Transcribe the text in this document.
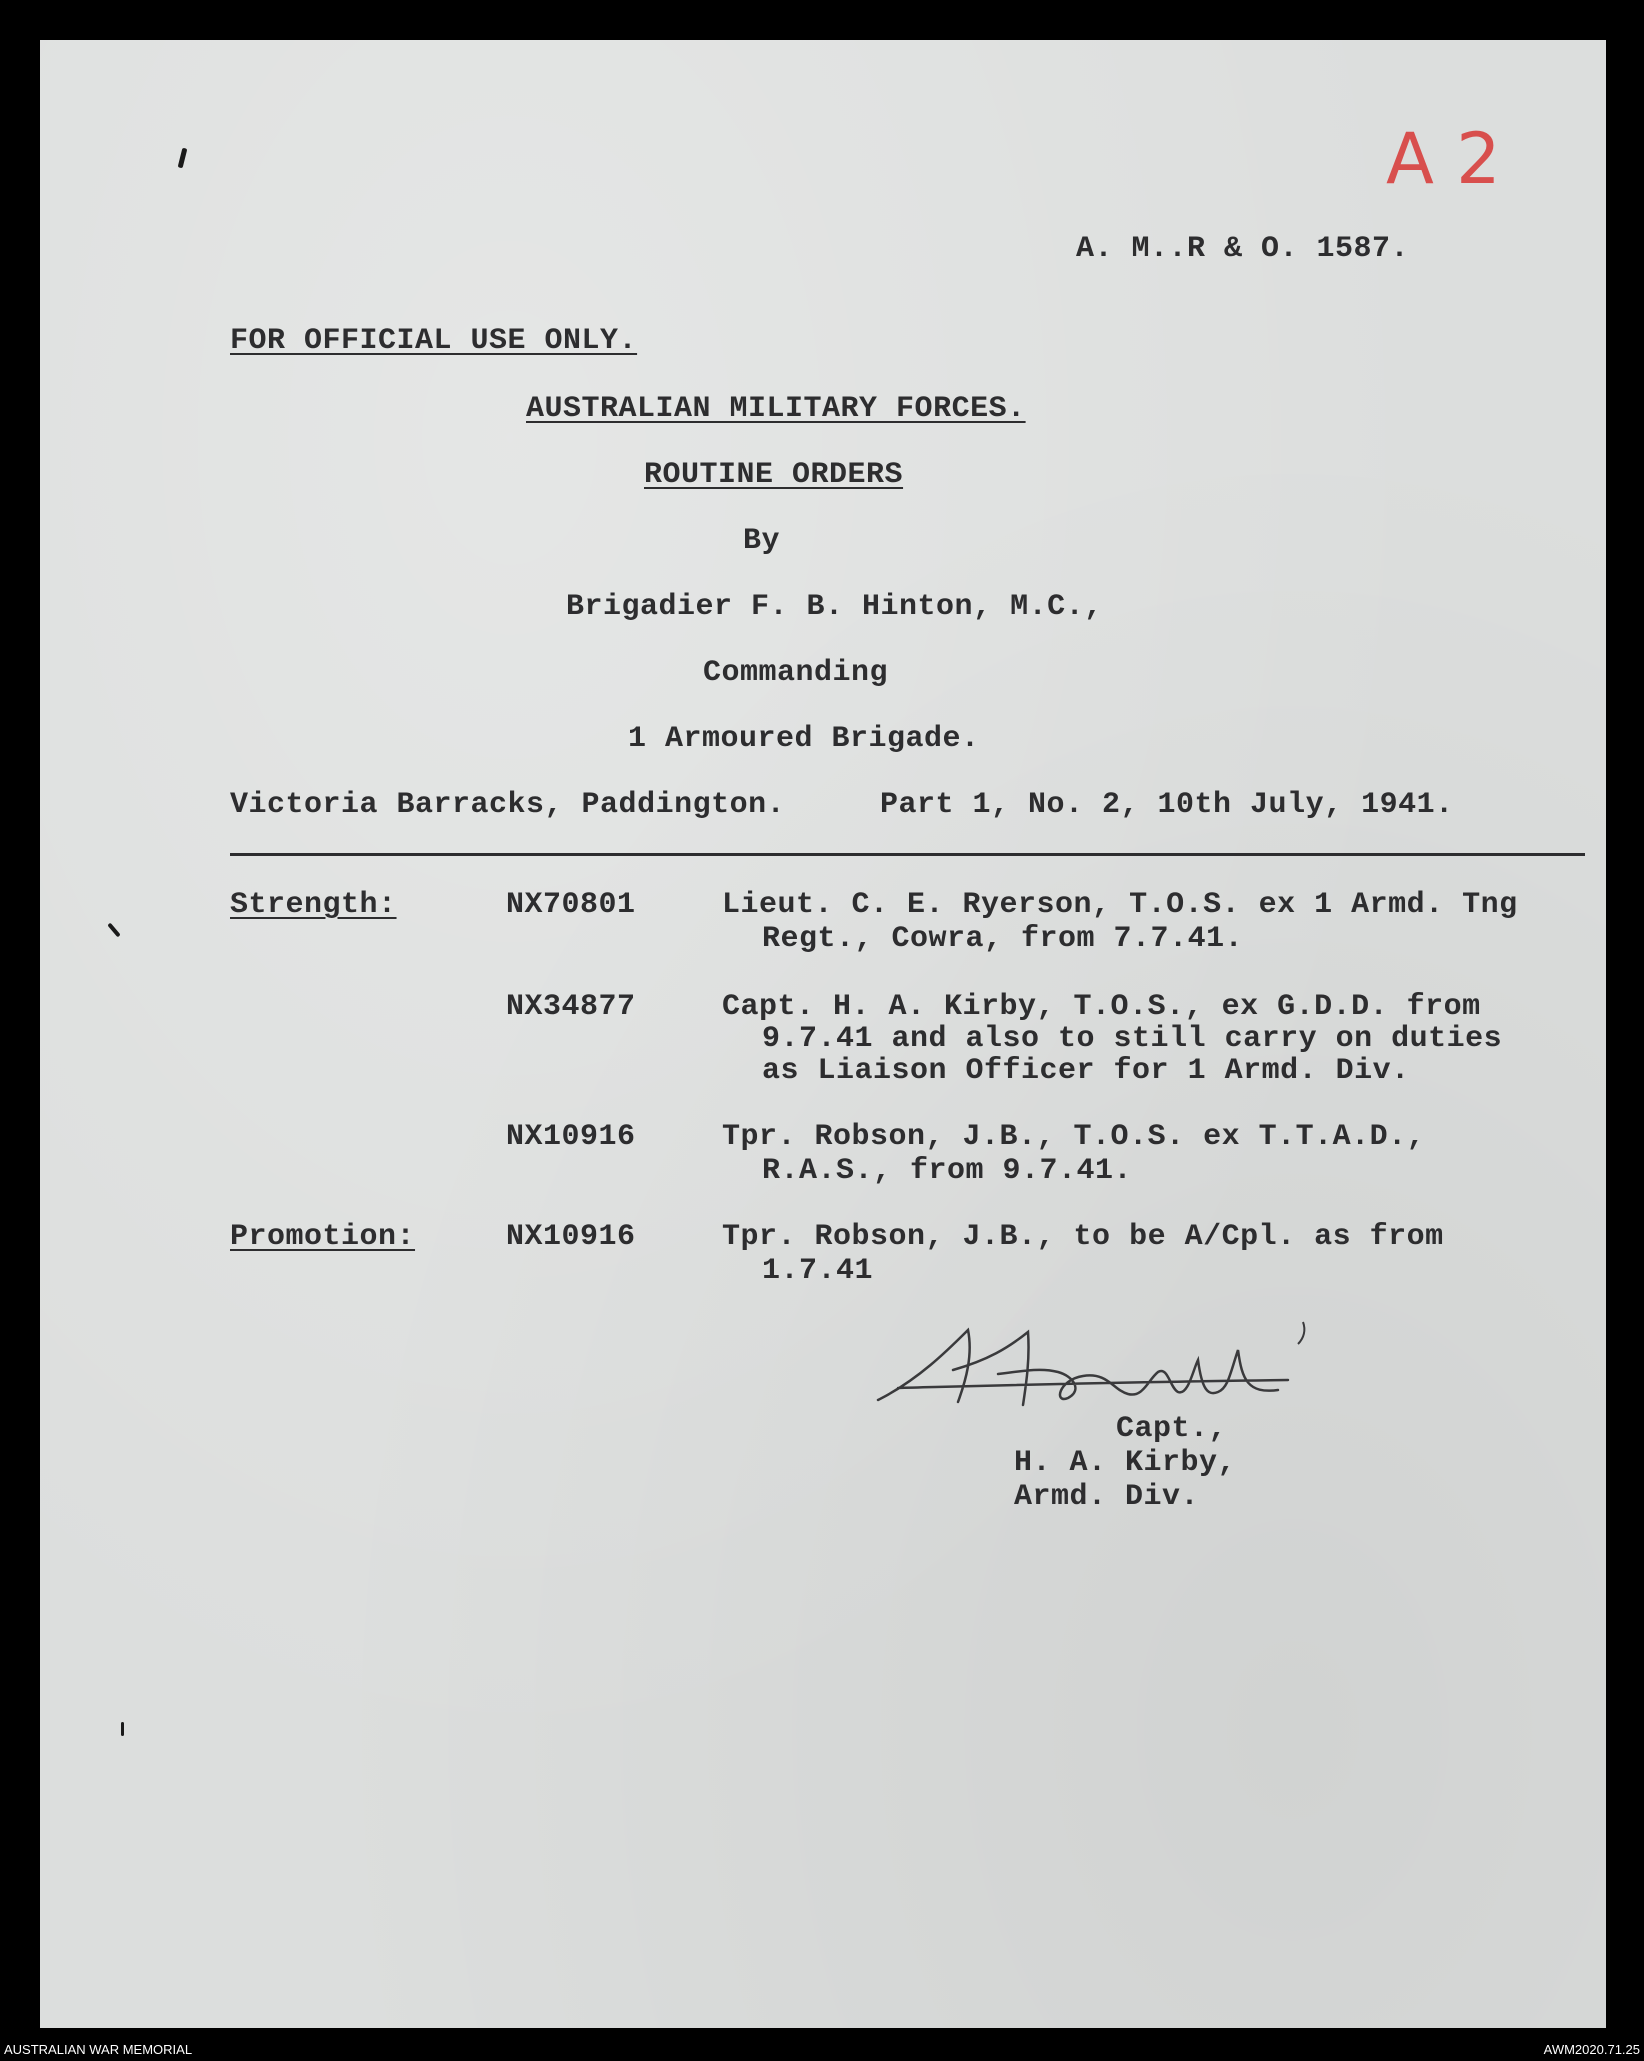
A 2
A. M..R & O. 1587.
FOR OFFICIAL USE ONLY.
AUSTRALIAN MILITARY FORCES.
ROUTINE ORDERS
By
Brigadier F. B. Hinton, M.C.,
Commanding
1 Armoured Brigade.
Victoria Barracks, Paddington.	Part 1, No. 2, 10th July, 1941.
Strength:	NX70801	Lieut. C. E. Ryerson, T.O.S. ex 1 Armd. Tng
Regt., Cowra, from 7.7.41.
NX34877	Capt. H. A. Kirby, T.O.S., ex G.D.D. from
9.7.41 and also to still carry on duties
as Liaison Officer for 1 Armd. Div.
NX10916	Tpr. Robson, J.B., T.O.S. ex T.T.A.D.,
R.A.S., from 9.7.41.
Promotion:	NX10916	Tpr. Robson, J.B., to be A/Cpl. as from
1.7.41
Capt.,
H. A. Kirby,
Armd. Div.
AUSTRALIAN WAR MEMORIAL	AWM2020.71.25
